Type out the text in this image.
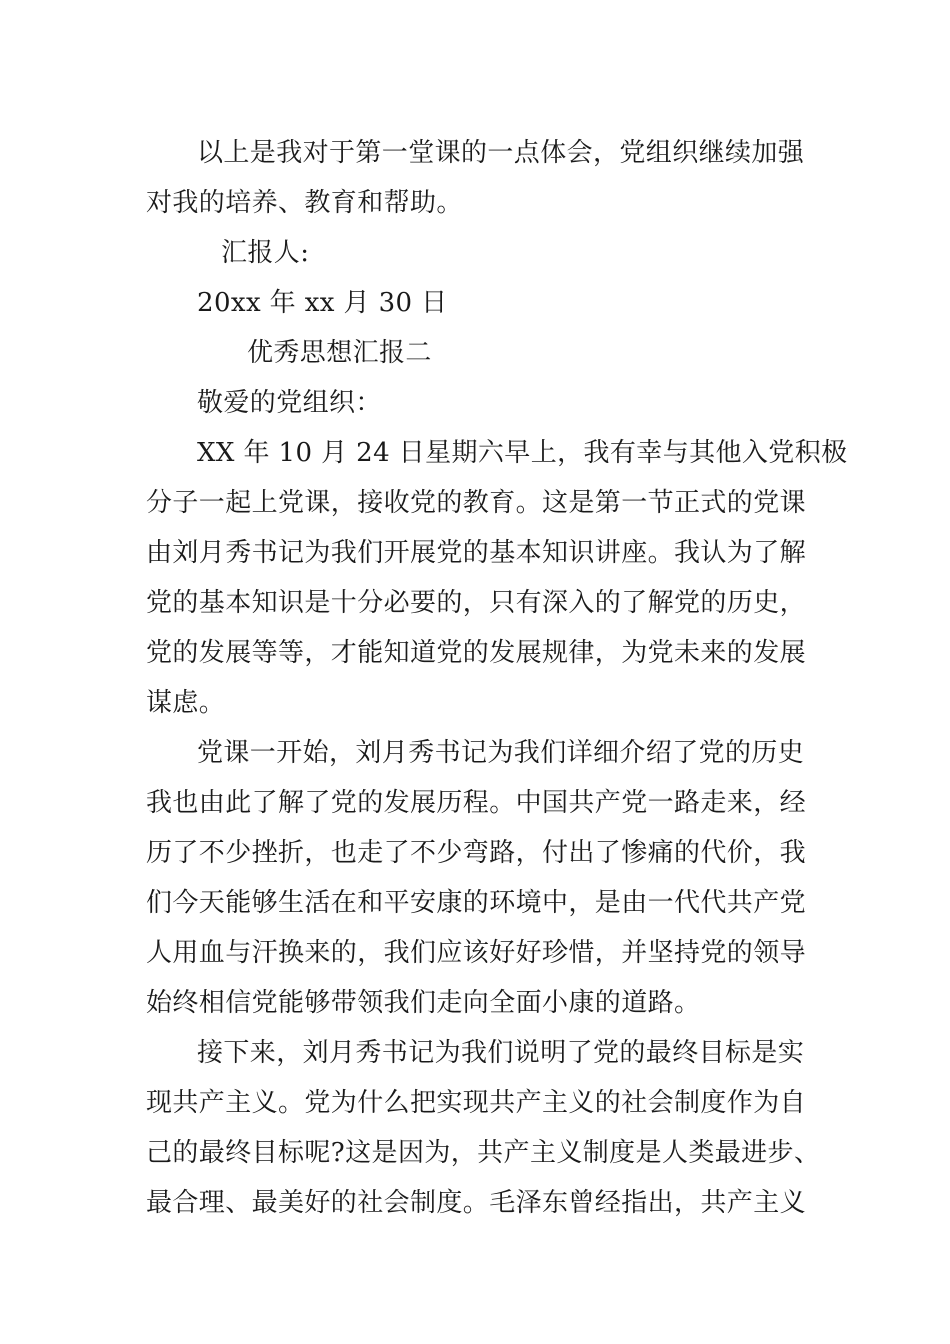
以上是我对于第一堂课的一点体会，党组织继续加强
对我的培养、教育和帮助。
汇报人:
20xx 年 xx 月 30 日
优秀思想汇报二
敬爱的党组织：
XX 年 10 月 24 日星期六早上，我有幸与其他入党积极
分子一起上党课，接收党的教育。这是第一节正式的党课
由刘月秀书记为我们开展党的基本知识讲座。我认为了解
党的基本知识是十分必要的，只有深入的了解党的历史，
党的发展等等，才能知道党的发展规律，为党未来的发展
谋虑。
党课一开始，刘月秀书记为我们详细介绍了党的历史
我也由此了解了党的发展历程。中国共产党一路走来，经
历了不少挫折，也走了不少弯路，付出了惨痛的代价，我
们今天能够生活在和平安康的环境中，是由一代代共产党
人用血与汗换来的，我们应该好好珍惜，并坚持党的领导
始终相信党能够带领我们走向全面小康的道路。
接下来，刘月秀书记为我们说明了党的最终目标是实
现共产主义。党为什么把实现共产主义的社会制度作为自
己的最终目标呢?这是因为，共产主义制度是人类最进步、
最合理、最美好的社会制度。毛泽东曾经指出，共产主义
